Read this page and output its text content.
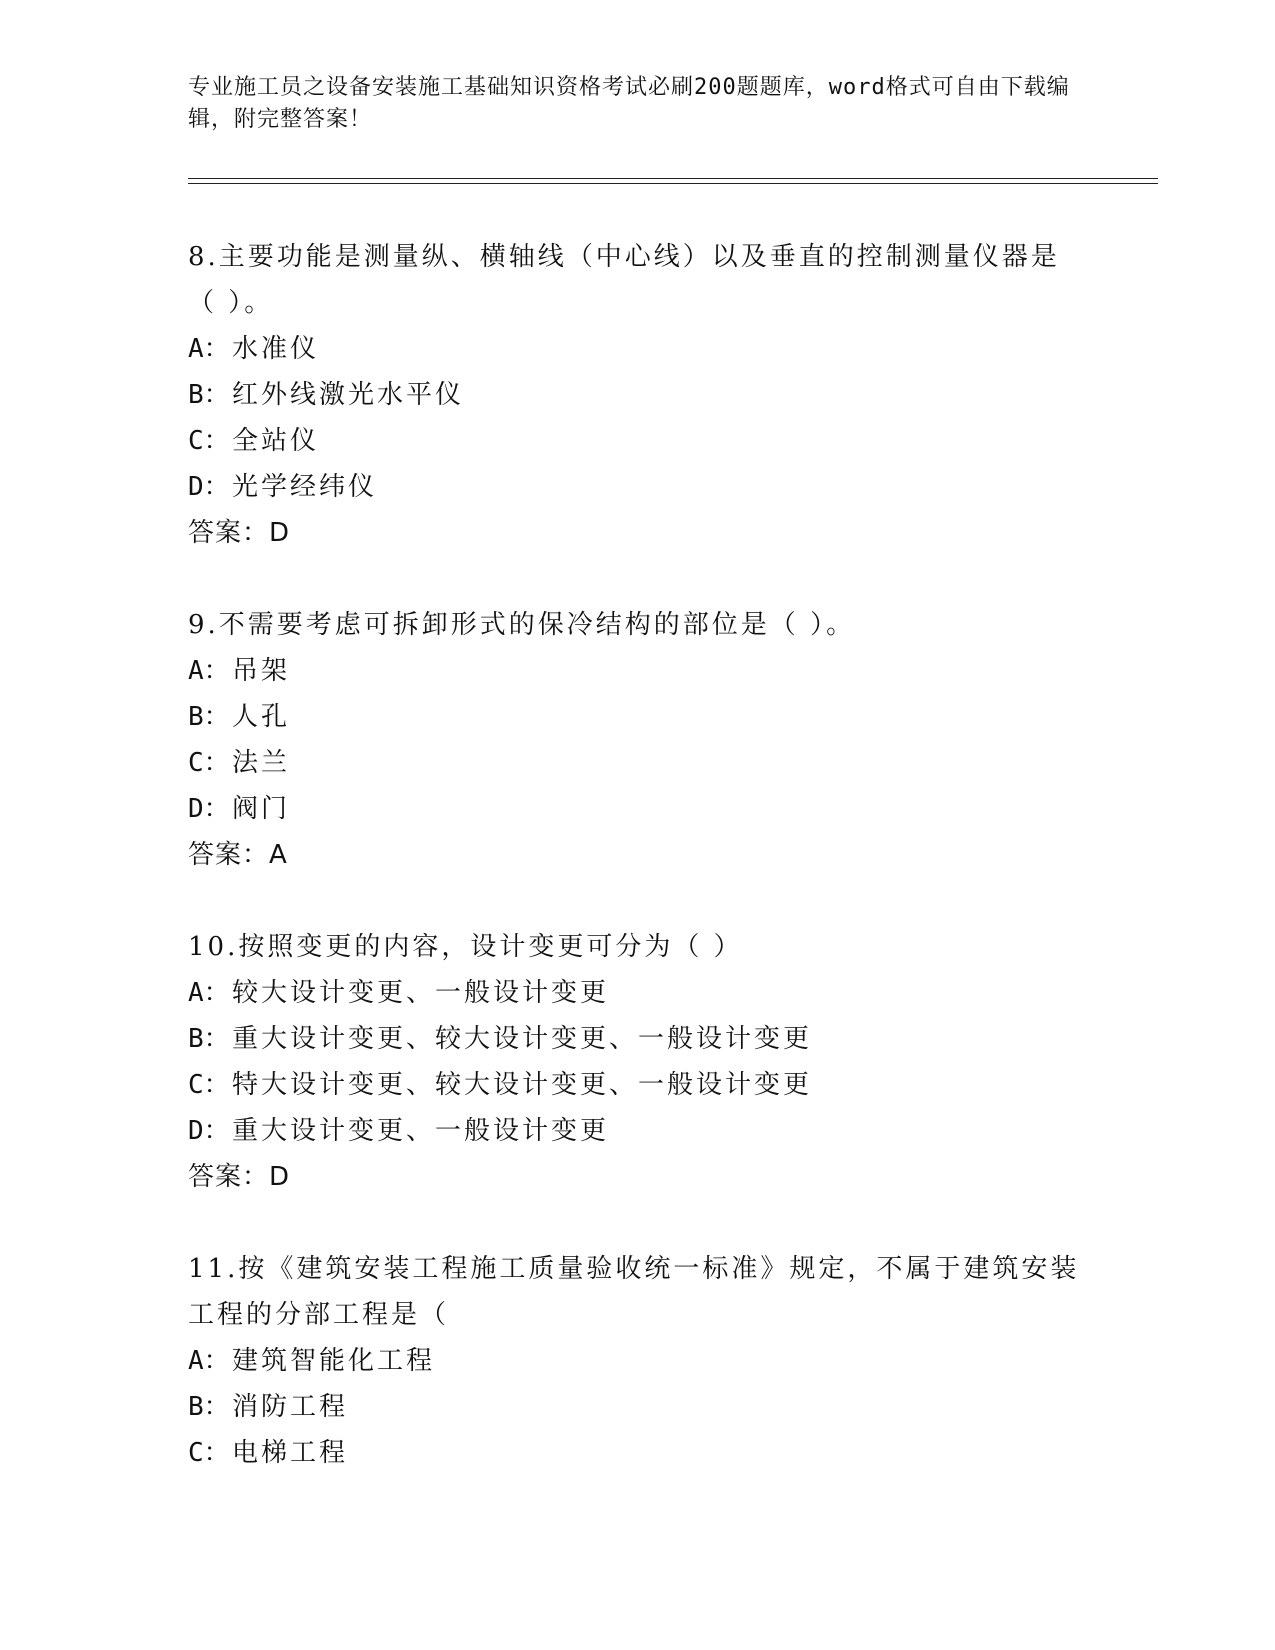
专业施工员之设备安装施工基础知识资格考试必刷200题题库，word格式可自由下载编辑，附完整答案！

8.主要功能是测量纵、横轴线（中心线）以及垂直的控制测量仪器是（ ）。

A：水准仪

B：红外线激光水平仪

C：全站仪

D：光学经纬仪

答案：D

9.不需要考虑可拆卸形式的保冷结构的部位是（ ）。

A：吊架

B：人孔

C：法兰

D：阀门

答案：A

10.按照变更的内容，设计变更可分为（ ）

A：较大设计变更、一般设计变更

B：重大设计变更、较大设计变更、一般设计变更

C：特大设计变更、较大设计变更、一般设计变更

D：重大设计变更、一般设计变更

答案：D

11.按《建筑安装工程施工质量验收统一标准》规定，不属于建筑安装工程的分部工程是（

A：建筑智能化工程

B：消防工程

C：电梯工程
